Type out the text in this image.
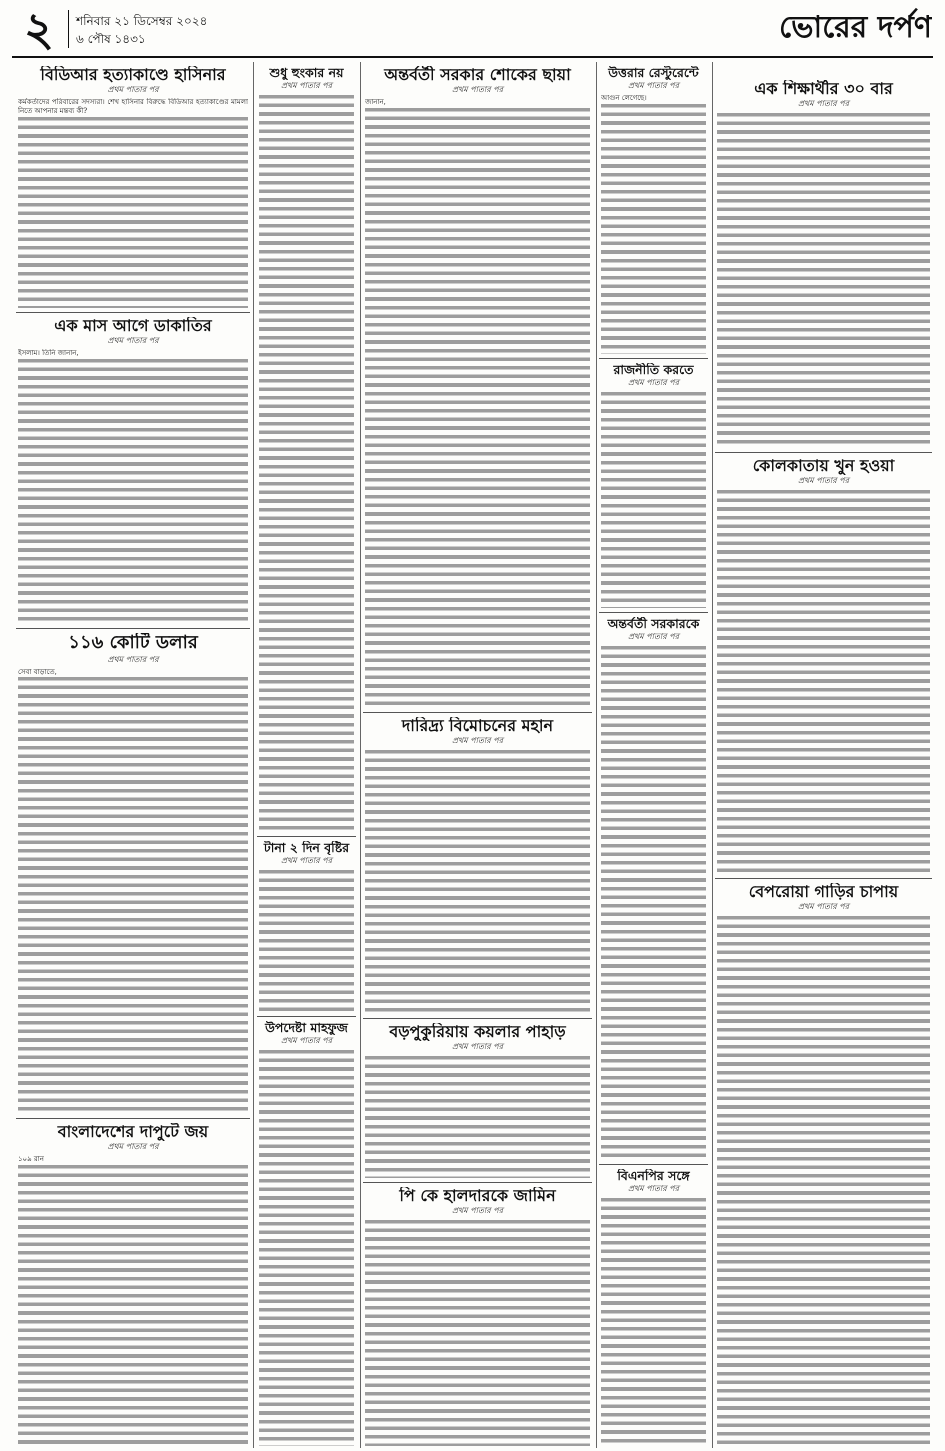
২	শনিবার ২১ ডিসেম্বর ২০২৪
৬ পৌষ ১৪৩১	ভোরের দর্পণ
বিডিআর হত্যাকাণ্ডে হাসিনার
প্রথম পাতার পর

কর্মকর্তাদের পরিবারের সদস্যরা। শেখ হাসিনার বিরুদ্ধে বিডিআর হত্যাকাণ্ডের মামলা নিতে আপনার মন্তব্য কী?

এক মাস আগে ডাকাতির
প্রথম পাতার পর

ইসলাম। তিনি জানান,

১১৬ কোটি ডলার
প্রথম পাতার পর

সেবা বাড়াতে,

বাংলাদেশের দাপুটে জয়
প্রথম পাতার পর

১০৯ রান

শুধু হুংকার নয়
প্রথম পাতার পর
টানা ২ দিন বৃষ্টির
প্রথম পাতার পর
উপদেষ্টা মাহফুজ
প্রথম পাতার পর
অন্তর্বর্তী সরকার শোকের ছায়া
প্রথম পাতার পর

জানান,

দারিদ্র্য বিমোচনের মহান
প্রথম পাতার পর
বড়পুকুরিয়ায় কয়লার পাহাড়
প্রথম পাতার পর
পি কে হালদারকে জামিন
প্রথম পাতার পর
উত্তরার রেস্টুরেন্টে
প্রথম পাতার পর

আগুন লেগেছে।

রাজনীতি করতে
প্রথম পাতার পর
অন্তর্বর্তী সরকারকে
প্রথম পাতার পর
বিএনপির সঙ্গে
প্রথম পাতার পর
এক শিক্ষার্থীর ৩০ বার
প্রথম পাতার পর
কোলকাতায় খুন হওয়া
প্রথম পাতার পর
বেপরোয়া গাড়ির চাপায়
প্রথম পাতার পর
